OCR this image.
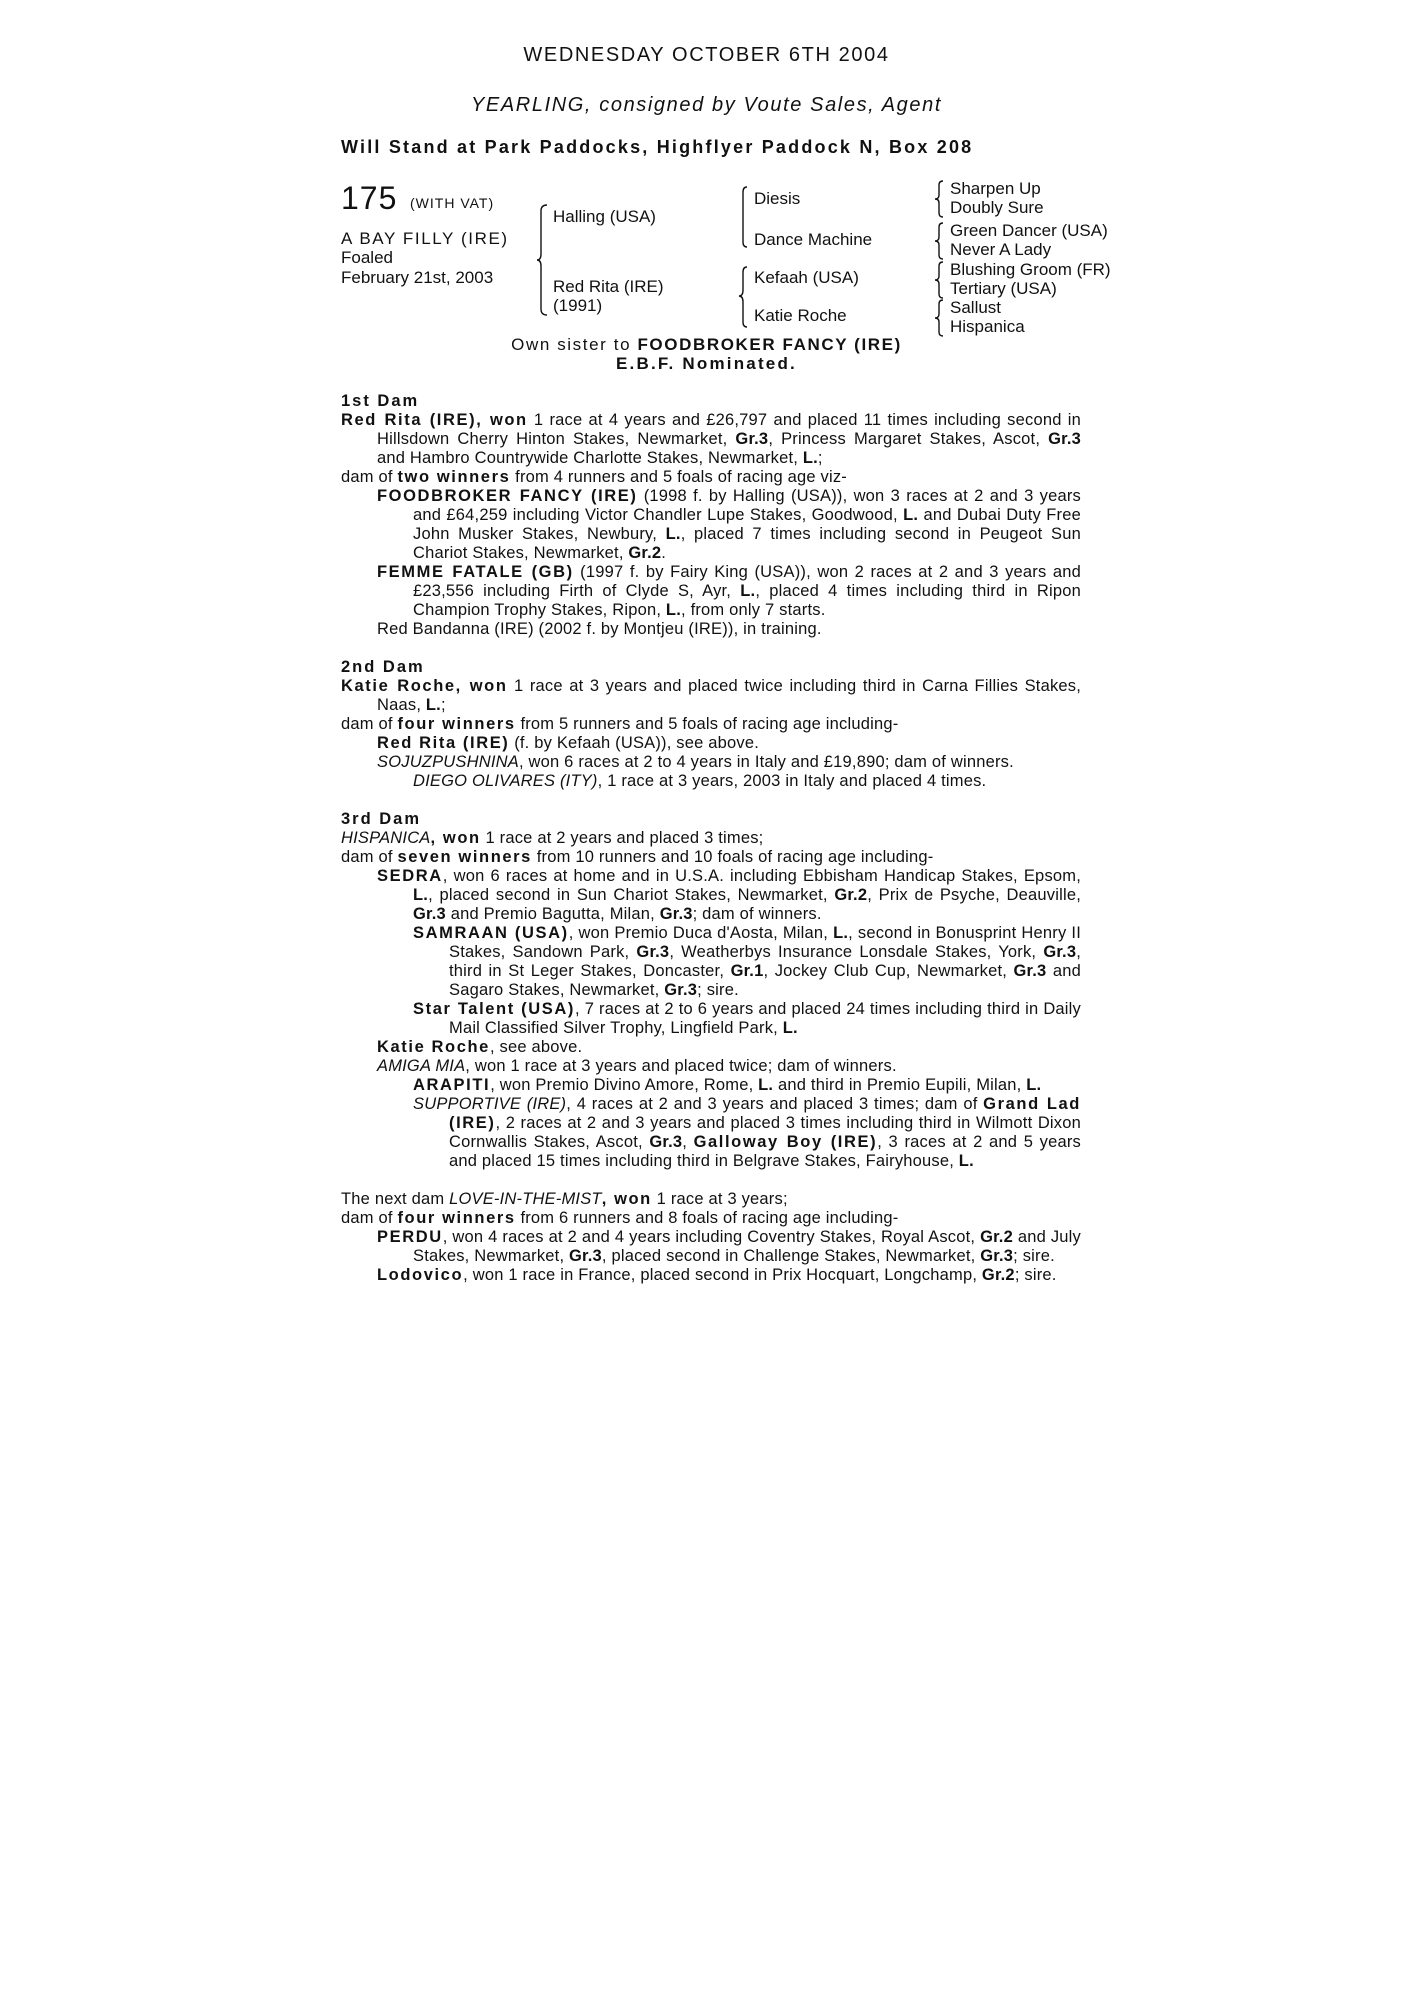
WEDNESDAY OCTOBER 6TH 2004
YEARLING, consigned by Voute Sales, Agent
Will Stand at Park Paddocks, Highflyer Paddock N, Box 208
175 (WITH VAT)
A BAY FILLY (IRE)
Foaled
February 21st, 2003
Halling (USA)
Red Rita (IRE)
(1991)
Diesis
Dance Machine
Kefaah (USA)
Katie Roche
Sharpen Up
Doubly Sure
Green Dancer (USA)
Never A Lady
Blushing Groom (FR)
Tertiary (USA)
Sallust
Hispanica
Own sister to FOODBROKER FANCY (IRE)
E.B.F. Nominated.

1st Dam

Red Rita (IRE), won 1 race at 4 years and £26,797 and placed 11 times including second in Hillsdown Cherry Hinton Stakes, Newmarket, Gr.3, Princess Margaret Stakes, Ascot, Gr.3 and Hambro Countrywide Charlotte Stakes, Newmarket, L.;

dam of two winners from 4 runners and 5 foals of racing age viz-

FOODBROKER FANCY (IRE) (1998 f. by Halling (USA)), won 3 races at 2 and 3 years and £64,259 including Victor Chandler Lupe Stakes, Goodwood, L. and Dubai Duty Free John Musker Stakes, Newbury, L., placed 7 times including second in Peugeot Sun Chariot Stakes, Newmarket, Gr.2.

FEMME FATALE (GB) (1997 f. by Fairy King (USA)), won 2 races at 2 and 3 years and £23,556 including Firth of Clyde S, Ayr, L., placed 4 times including third in Ripon Champion Trophy Stakes, Ripon, L., from only 7 starts.

Red Bandanna (IRE) (2002 f. by Montjeu (IRE)), in training.

2nd Dam

Katie Roche, won 1 race at 3 years and placed twice including third in Carna Fillies Stakes, Naas, L.;

dam of four winners from 5 runners and 5 foals of racing age including-

Red Rita (IRE) (f. by Kefaah (USA)), see above.

SOJUZPUSHNINA, won 6 races at 2 to 4 years in Italy and £19,890; dam of winners.

DIEGO OLIVARES (ITY), 1 race at 3 years, 2003 in Italy and placed 4 times.

3rd Dam

HISPANICA, won 1 race at 2 years and placed 3 times;

dam of seven winners from 10 runners and 10 foals of racing age including-

SEDRA, won 6 races at home and in U.S.A. including Ebbisham Handicap Stakes, Epsom, L., placed second in Sun Chariot Stakes, Newmarket, Gr.2, Prix de Psyche, Deauville, Gr.3 and Premio Bagutta, Milan, Gr.3; dam of winners.

SAMRAAN (USA), won Premio Duca d'Aosta, Milan, L., second in Bonusprint Henry II Stakes, Sandown Park, Gr.3, Weatherbys Insurance Lonsdale Stakes, York, Gr.3, third in St Leger Stakes, Doncaster, Gr.1, Jockey Club Cup, Newmarket, Gr.3 and Sagaro Stakes, Newmarket, Gr.3; sire.

Star Talent (USA), 7 races at 2 to 6 years and placed 24 times including third in Daily Mail Classified Silver Trophy, Lingfield Park, L.

Katie Roche, see above.

AMIGA MIA, won 1 race at 3 years and placed twice; dam of winners.

ARAPITI, won Premio Divino Amore, Rome, L. and third in Premio Eupili, Milan, L.

SUPPORTIVE (IRE), 4 races at 2 and 3 years and placed 3 times; dam of Grand Lad (IRE), 2 races at 2 and 3 years and placed 3 times including third in Wilmott Dixon Cornwallis Stakes, Ascot, Gr.3, Galloway Boy (IRE), 3 races at 2 and 5 years and placed 15 times including third in Belgrave Stakes, Fairyhouse, L.

The next dam LOVE-IN-THE-MIST, won 1 race at 3 years;

dam of four winners from 6 runners and 8 foals of racing age including-

PERDU, won 4 races at 2 and 4 years including Coventry Stakes, Royal Ascot, Gr.2 and July Stakes, Newmarket, Gr.3, placed second in Challenge Stakes, Newmarket, Gr.3; sire.

Lodovico, won 1 race in France, placed second in Prix Hocquart, Longchamp, Gr.2; sire.
